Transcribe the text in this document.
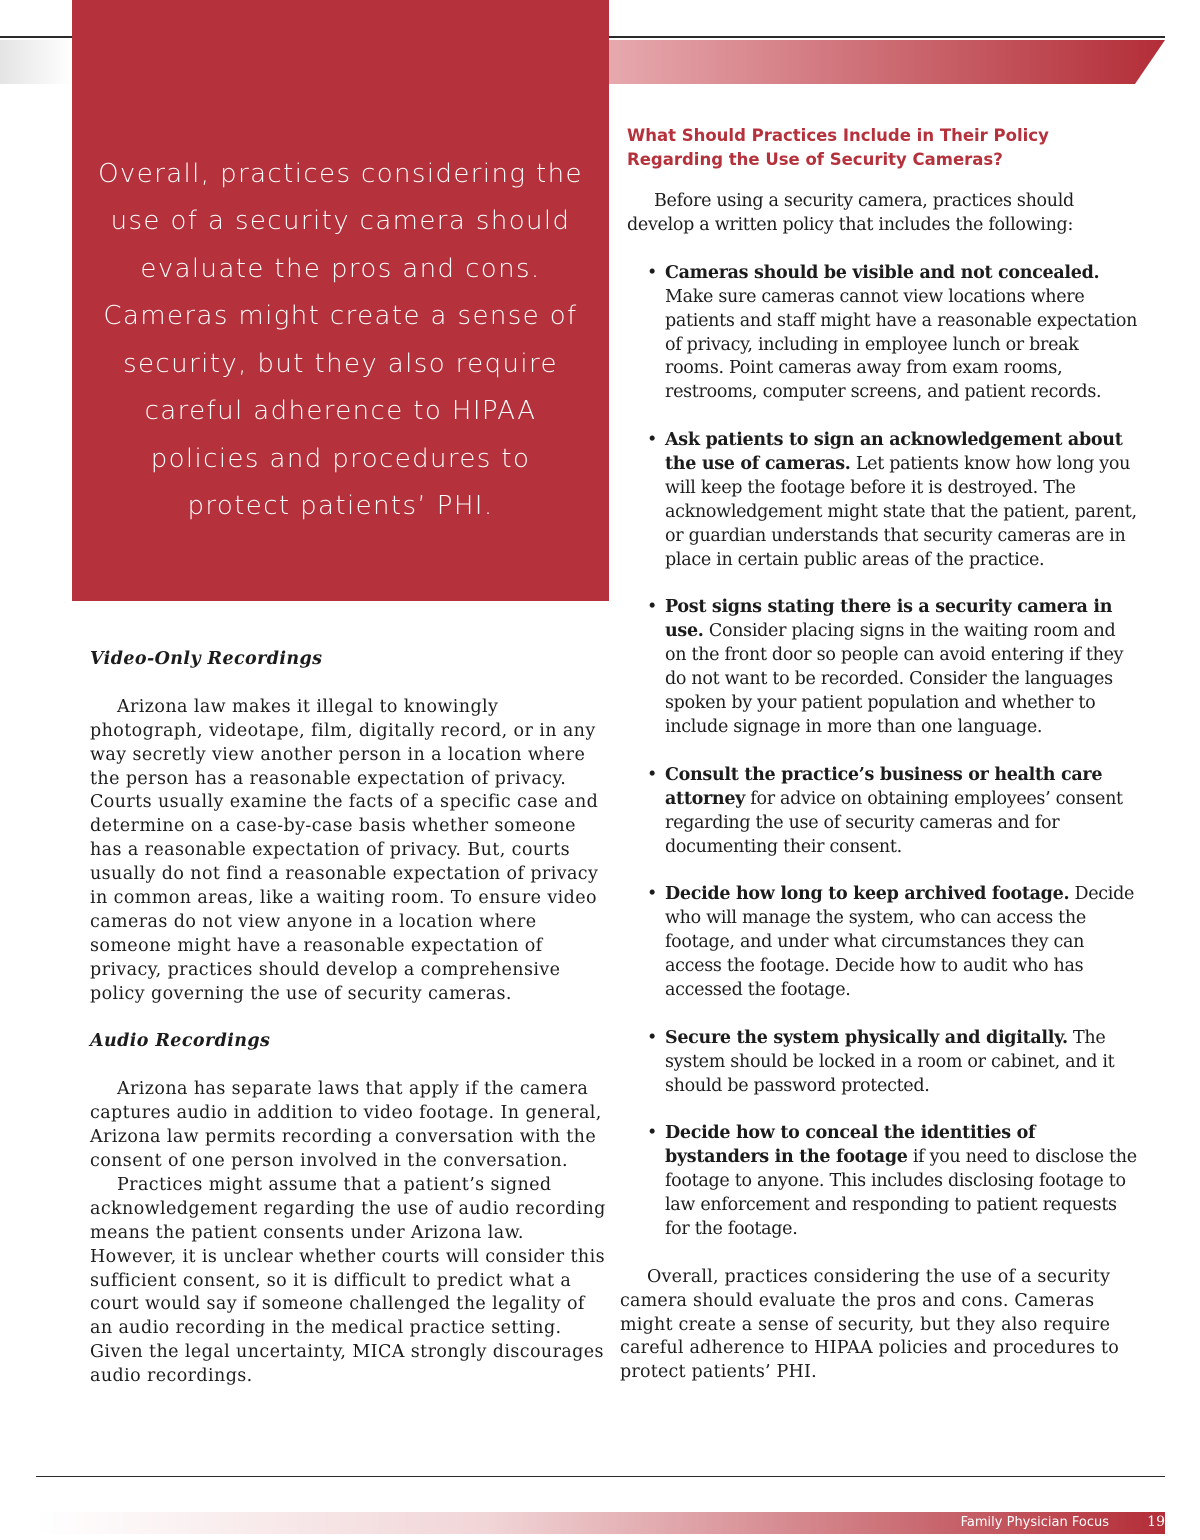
Overall, practices considering the use of a security camera should evaluate the pros and cons. Cameras might create a sense of security, but they also require careful adherence to HIPAA policies and procedures to protect patients’ PHI.

Video-Only Recordings

Arizona law makes it illegal to knowingly photograph, videotape, film, digitally record, or in any way secretly view another person in a location where the person has a reasonable expectation of privacy. Courts usually examine the facts of a specific case and determine on a case-by-case basis whether someone has a reasonable expectation of privacy. But, courts usually do not find a reasonable expectation of privacy in common areas, like a waiting room. To ensure video cameras do not view anyone in a location where someone might have a reasonable expectation of privacy, practices should develop a comprehensive policy governing the use of security cameras.

Audio Recordings

Arizona has separate laws that apply if the camera captures audio in addition to video footage. In general, Arizona law permits recording a conversation with the consent of one person involved in the conversation.

Practices might assume that a patient’s signed acknowledgement regarding the use of audio recording means the patient consents under Arizona law. However, it is unclear whether courts will consider this sufficient consent, so it is difficult to predict what a court would say if someone challenged the legality of an audio recording in the medical practice setting. Given the legal uncertainty, MICA strongly discourages audio recordings.

What Should Practices Include in Their Policy Regarding the Use of Security Cameras?

Before using a security camera, practices should develop a written policy that includes the following:

• Cameras should be visible and not concealed. Make sure cameras cannot view locations where patients and staff might have a reasonable expectation of privacy, including in employee lunch or break rooms. Point cameras away from exam rooms, restrooms, computer screens, and patient records.
• Ask patients to sign an acknowledgement about the use of cameras. Let patients know how long you will keep the footage before it is destroyed. The acknowledgement might state that the patient, parent, or guardian understands that security cameras are in place in certain public areas of the practice.
• Post signs stating there is a security camera in use. Consider placing signs in the waiting room and on the front door so people can avoid entering if they do not want to be recorded. Consider the languages spoken by your patient population and whether to include signage in more than one language.
• Consult the practice’s business or health care attorney for advice on obtaining employees’ consent regarding the use of security cameras and for documenting their consent.
• Decide how long to keep archived footage. Decide who will manage the system, who can access the footage, and under what circumstances they can access the footage. Decide how to audit who has accessed the footage.
• Secure the system physically and digitally. The system should be locked in a room or cabinet, and it should be password protected.
• Decide how to conceal the identities of bystanders in the footage if you need to disclose the footage to anyone. This includes disclosing footage to law enforcement and responding to patient requests for the footage.

Overall, practices considering the use of a security camera should evaluate the pros and cons. Cameras might create a sense of security, but they also require careful adherence to HIPAA policies and procedures to protect patients’ PHI.

Family Physician Focus	19
